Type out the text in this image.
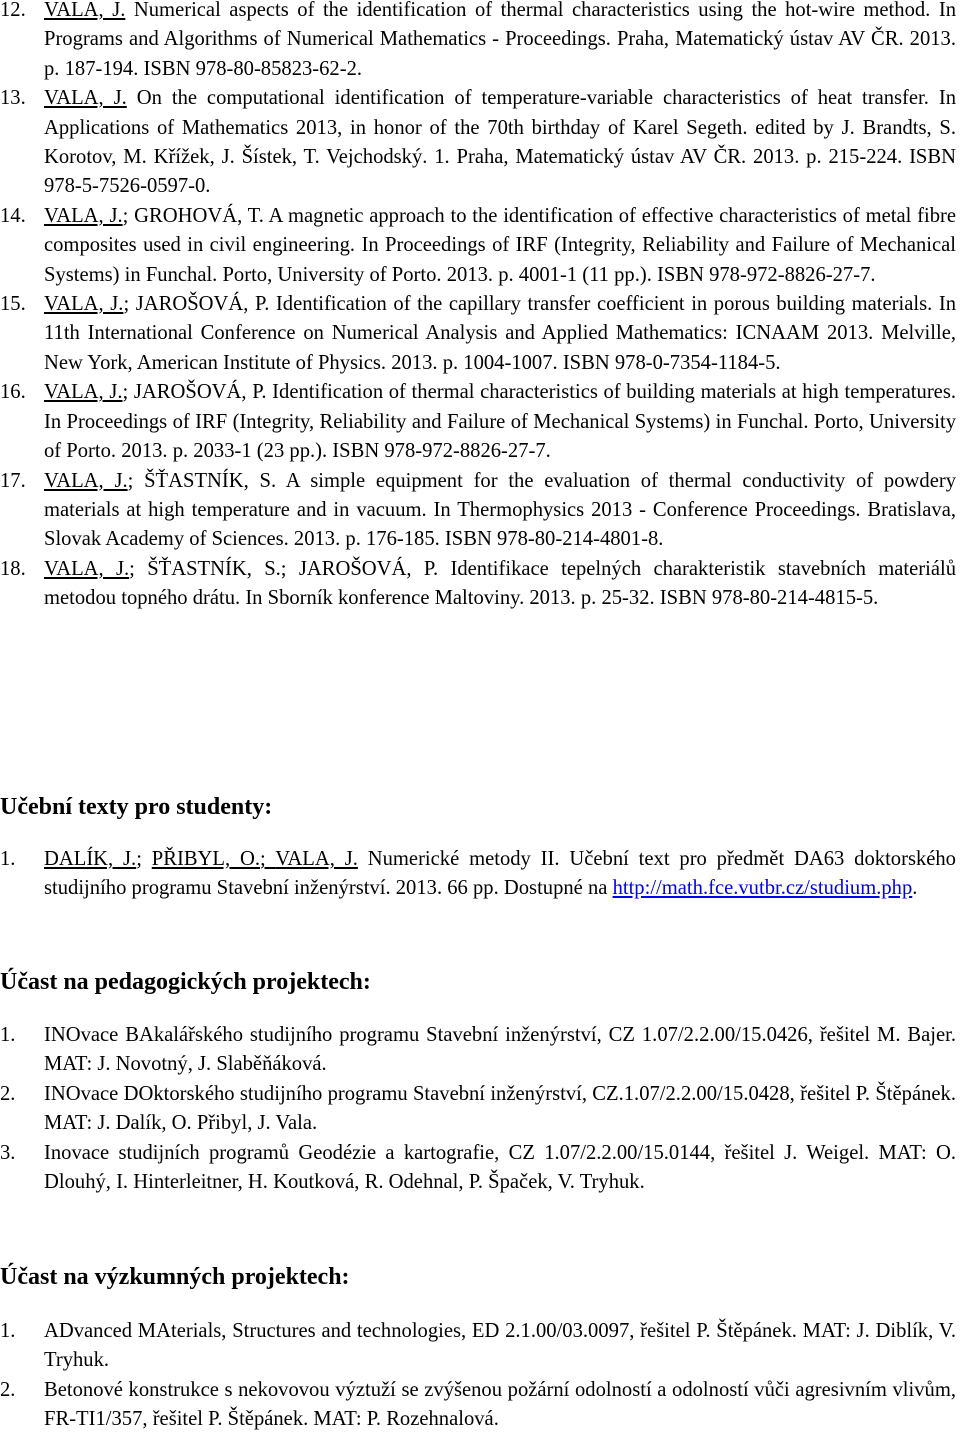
12. VALA, J. Numerical aspects of the identification of thermal characteristics using the hot-wire method. In Programs and Algorithms of Numerical Mathematics - Proceedings. Praha, Matematický ústav AV ČR. 2013. p. 187-194. ISBN 978-80-85823-62-2.
13. VALA, J. On the computational identification of temperature-variable characteristics of heat transfer. In Applications of Mathematics 2013, in honor of the 70th birthday of Karel Segeth. edited by J. Brandts, S. Korotov, M. Křížek, J. Šístek, T. Vejchodský. 1. Praha, Matematický ústav AV ČR. 2013. p. 215-224. ISBN 978-5-7526-0597-0.
14. VALA, J.; GROHOVÁ, T. A magnetic approach to the identification of effective characteristics of metal fibre composites used in civil engineering. In Proceedings of IRF (Integrity, Reliability and Failure of Mechanical Systems) in Funchal. Porto, University of Porto. 2013. p. 4001-1 (11 pp.). ISBN 978-972-8826-27-7.
15. VALA, J.; JAROŠOVÁ, P. Identification of the capillary transfer coefficient in porous building materials. In 11th International Conference on Numerical Analysis and Applied Mathematics: ICNAAM 2013. Melville, New York, American Institute of Physics. 2013. p. 1004-1007. ISBN 978-0-7354-1184-5.
16. VALA, J.; JAROŠOVÁ, P. Identification of thermal characteristics of building materials at high temperatures. In Proceedings of IRF (Integrity, Reliability and Failure of Mechanical Systems) in Funchal. Porto, University of Porto. 2013. p. 2033-1 (23 pp.). ISBN 978-972-8826-27-7.
17. VALA, J.; ŠŤASTNÍK, S. A simple equipment for the evaluation of thermal conductivity of powdery materials at high temperature and in vacuum. In Thermophysics 2013 - Conference Proceedings. Bratislava, Slovak Academy of Sciences. 2013. p. 176-185. ISBN 978-80-214-4801-8.
18. VALA, J.; ŠŤASTNÍK, S.; JAROŠOVÁ, P. Identifikace tepelných charakteristik stavebních materiálů metodou topného drátu. In Sborník konference Maltoviny. 2013. p. 25-32. ISBN 978-80-214-4815-5.
Učební texty pro studenty:
1. DALÍK, J.; PŘIBYL, O.; VALA, J. Numerické metody II. Učební text pro předmět DA63 doktorského studijního programu Stavební inženýrství. 2013. 66 pp. Dostupné na http://math.fce.vutbr.cz/studium.php.
Účast na pedagogických projektech:
1. INOvace BAkalářského studijního programu Stavební inženýrství, CZ 1.07/2.2.00/15.0426, řešitel M. Bajer. MAT: J. Novotný, J. Slaběňáková.
2. INOvace DOktorského studijního programu Stavební inženýrství, CZ.1.07/2.2.00/15.0428, řešitel P. Štěpánek. MAT: J. Dalík, O. Přibyl, J. Vala.
3. Inovace studijních programů Geodézie a kartografie, CZ 1.07/2.2.00/15.0144, řešitel J. Weigel. MAT: O. Dlouhý, I. Hinterleitner, H. Koutková, R. Odehnal, P. Špaček, V. Tryhuk.
Účast na výzkumných projektech:
1. ADvanced MAterials, Structures and technologies, ED 2.1.00/03.0097, řešitel P. Štěpánek. MAT: J. Diblík, V. Tryhuk.
2. Betonové konstrukce s nekovovou výztuží se zvýšenou požární odolností a odolností vůči agresivním vlivům, FR-TI1/357, řešitel P. Štěpánek. MAT: P. Rozehnalová.
